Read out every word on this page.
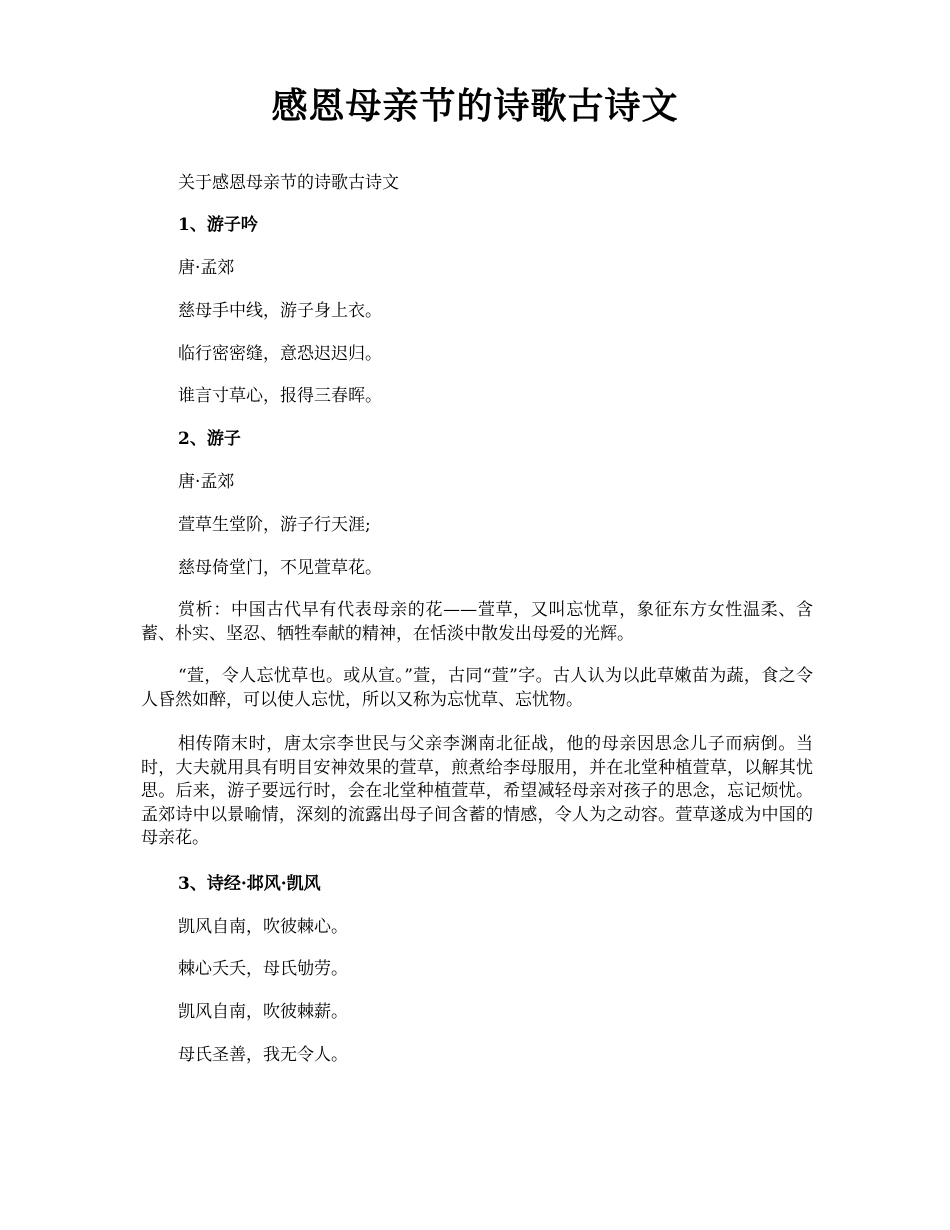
感恩母亲节的诗歌古诗文
关于感恩母亲节的诗歌古诗文
1、游子吟
唐·孟郊
慈母手中线，游子身上衣。
临行密密缝，意恐迟迟归。
谁言寸草心，报得三春晖。
2、游子
唐·孟郊
萱草生堂阶，游子行天涯;
慈母倚堂门，不见萱草花。

赏析：中国古代早有代表母亲的花——萱草，又叫忘忧草，象征东方女性温柔、含蓄、朴实、坚忍、牺牲奉献的精神，在恬淡中散发出母爱的光辉。

“萱，令人忘忧草也。或从宣。”萱，古同“萱”字。古人认为以此草嫩苗为蔬，食之令人昏然如醉，可以使人忘忧，所以又称为忘忧草、忘忧物。

相传隋末时，唐太宗李世民与父亲李渊南北征战，他的母亲因思念儿子而病倒。当时，大夫就用具有明目安神效果的萱草，煎煮给李母服用，并在北堂种植萱草，以解其忧思。后来，游子要远行时，会在北堂种植萱草，希望减轻母亲对孩子的思念，忘记烦忧。孟郊诗中以景喻情，深刻的流露出母子间含蓄的情感，令人为之动容。萱草遂成为中国的母亲花。

3、诗经·邶风·凯风
凯风自南，吹彼棘心。
棘心夭夭，母氏劬劳。
凯风自南，吹彼棘薪。
母氏圣善，我无令人。
